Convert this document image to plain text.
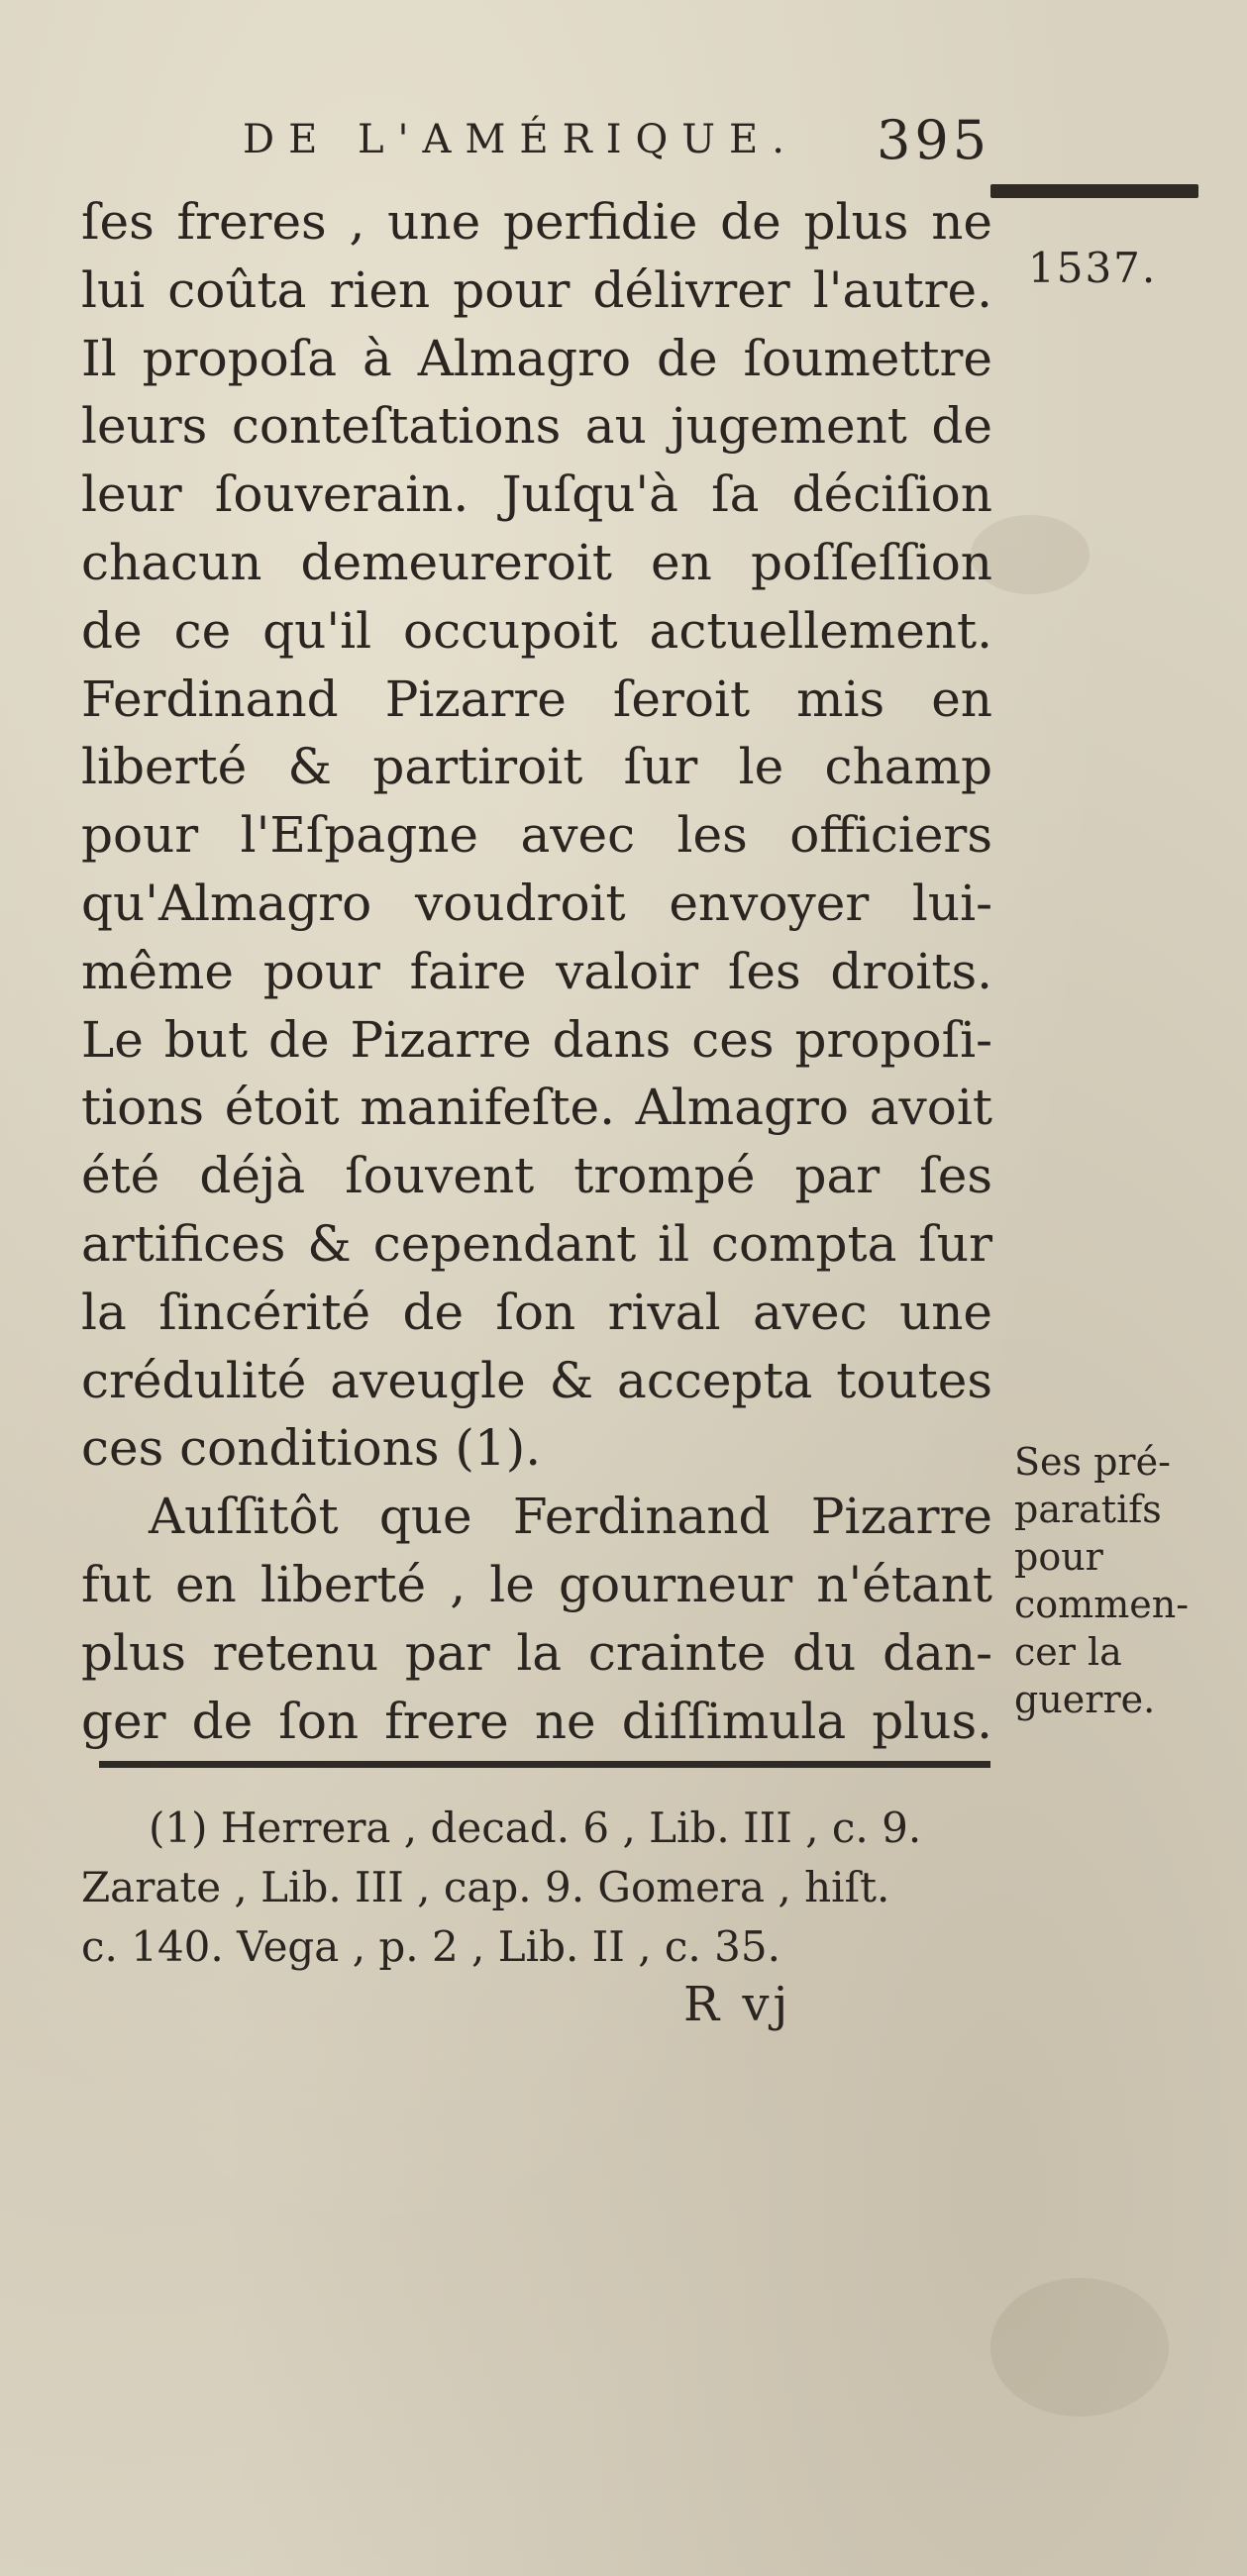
DE L'AMÉRIQUE. 395
1537.
ſes freres , une perfidie de plus ne
lui coûta rien pour délivrer l'autre.
Il propoſa à Almagro de ſoumettre
leurs conteſtations au jugement de
leur ſouverain. Juſqu'à ſa déciſion
chacun demeureroit en poſſeſſion
de ce qu'il occupoit actuellement.
Ferdinand Pizarre ſeroit mis en
liberté & partiroit ſur le champ
pour l'Eſpagne avec les officiers
qu'Almagro voudroit envoyer lui-
même pour faire valoir ſes droits.
Le but de Pizarre dans ces propoſi-
tions étoit manifeſte. Almagro avoit
été déjà ſouvent trompé par ſes
artifices & cependant il compta ſur
la ſincérité de ſon rival avec une
crédulité aveugle & accepta toutes
ces conditions (1).
Auſſitôt que Ferdinand Pizarre
fut en liberté , le gourneur n'étant
plus retenu par la crainte du dan-
ger de ſon frere ne diſſimula plus.
Ses pré-
paratifs
pour
commen-
cer la
guerre.
(1) Herrera , decad. 6 , Lib. III , c. 9.
Zarate , Lib. III , cap. 9. Gomera , hiſt.
c. 140. Vega , p. 2 , Lib. II , c. 35.
R vj
